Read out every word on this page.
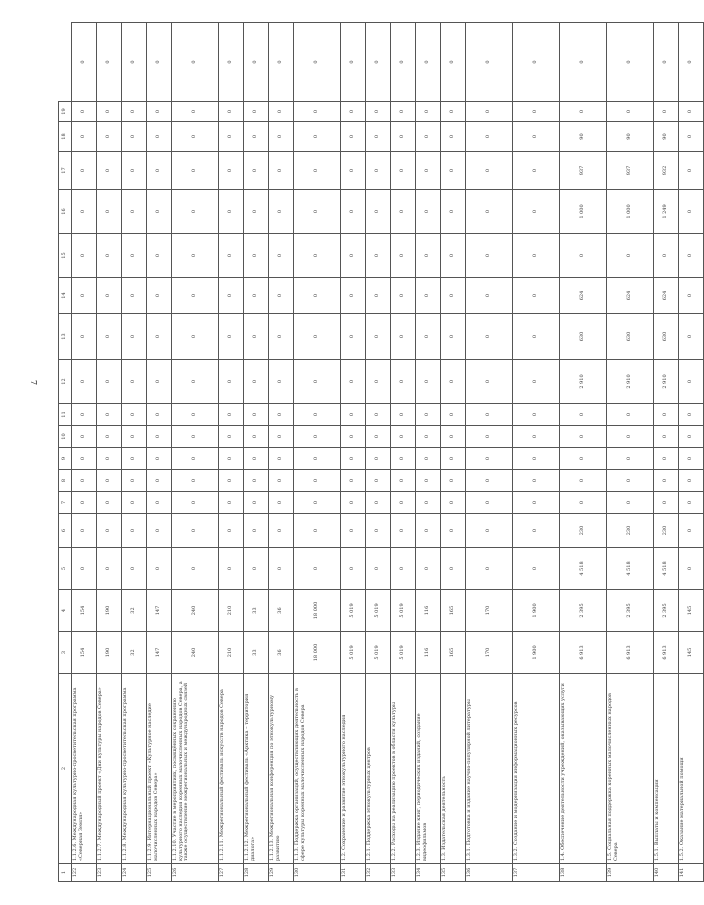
7
1	2	3	4	5	6	7	8	9	10	11	12	13	14	15	16	17	18	19	
122	1.1.2.6. Международная культурно-просветительская программа «Северная Земля»	154	154	0	0	0	0	0	0	0	0	0	0	0	0	0	0	0	0
123	1.1.2.7. Международный проект «Дни культуры народов Севера»	190	190	0	0	0	0	0	0	0	0	0	0	0	0	0	0	0	0
124	1.1.2.8. Международная культурно-просветительская программа	32	32	0	0	0	0	0	0	0	0	0	0	0	0	0	0	0	0
125	1.1.2.9. Интернациональный проект «Культурное наследие малочисленных народов Севера»	147	147	0	0	0	0	0	0	0	0	0	0	0	0	0	0	0	0
126	1.1.2.10. Участие в мероприятиях, посвящённых сохранению культурного наследия коренных малочисленных народов Севера, а также осуществление межрегиональных и международных связей	240	240	0	0	0	0	0	0	0	0	0	0	0	0	0	0	0	0
127	1.1.2.11. Межрегиональный фестиваль искусств народов Севера	210	210	0	0	0	0	0	0	0	0	0	0	0	0	0	0	0	0
128	1.1.2.12. Межрегиональный фестиваль «Арктика – территория диалога»	33	33	0	0	0	0	0	0	0	0	0	0	0	0	0	0	0	0
129	1.1.2.13. Межрегиональная конференция по этнокультурному развитию	36	36	0	0	0	0	0	0	0	0	0	0	0	0	0	0	0	0
130	1.1.3. Поддержка организаций, осуществляющих деятельность в сфере культуры коренных малочисленных народов Севера	18 000	18 000	0	0	0	0	0	0	0	0	0	0	0	0	0	0	0	0
131	1.2. Сохранение и развитие этнокультурного наследия	5 019	5 019	0	0	0	0	0	0	0	0	0	0	0	0	0	0	0	0
132	1.2.1. Поддержка этнокультурных центров	5 019	5 019	0	0	0	0	0	0	0	0	0	0	0	0	0	0	0	0
133	1.2.2. Расходы на реализацию проектов в области культуры	5 019	5 019	0	0	0	0	0	0	0	0	0	0	0	0	0	0	0	0
134	1.2.3. Издание книг, периодических изданий, создание видеофильмов	116	116	0	0	0	0	0	0	0	0	0	0	0	0	0	0	0	0
135	1.3. Издательская деятельность	165	165	0	0	0	0	0	0	0	0	0	0	0	0	0	0	0	0
136	1.3.1. Подготовка и издание научно-популярной литературы	170	170	0	0	0	0	0	0	0	0	0	0	0	0	0	0	0	0
137	1.3.2. Создание и модернизация информационных ресурсов	1 900	1 900	0	0	0	0	0	0	0	0	0	0	0	0	0	0	0	0
138	1.4. Обеспечение деятельности учреждений, оказывающих услуги	6 913	2 395	4 518	230	0	0	0	0	0	2 910	630	624	0	1 000	937	90	0	0
139	1.5. Социальная поддержка коренных малочисленных народов Севера	6 913	2 395	4 518	230	0	0	0	0	0	2 910	630	624	0	1 000	937	90	0	0
140	1.5.1. Выплаты и компенсации	6 913	2 395	4 518	230	0	0	0	0	0	2 910	630	624	0	1 249	932	90	0	0
141	1.5.2. Оказание материальной помощи	145	145	0	0	0	0	0	0	0	0	0	0	0	0	0	0	0	0
